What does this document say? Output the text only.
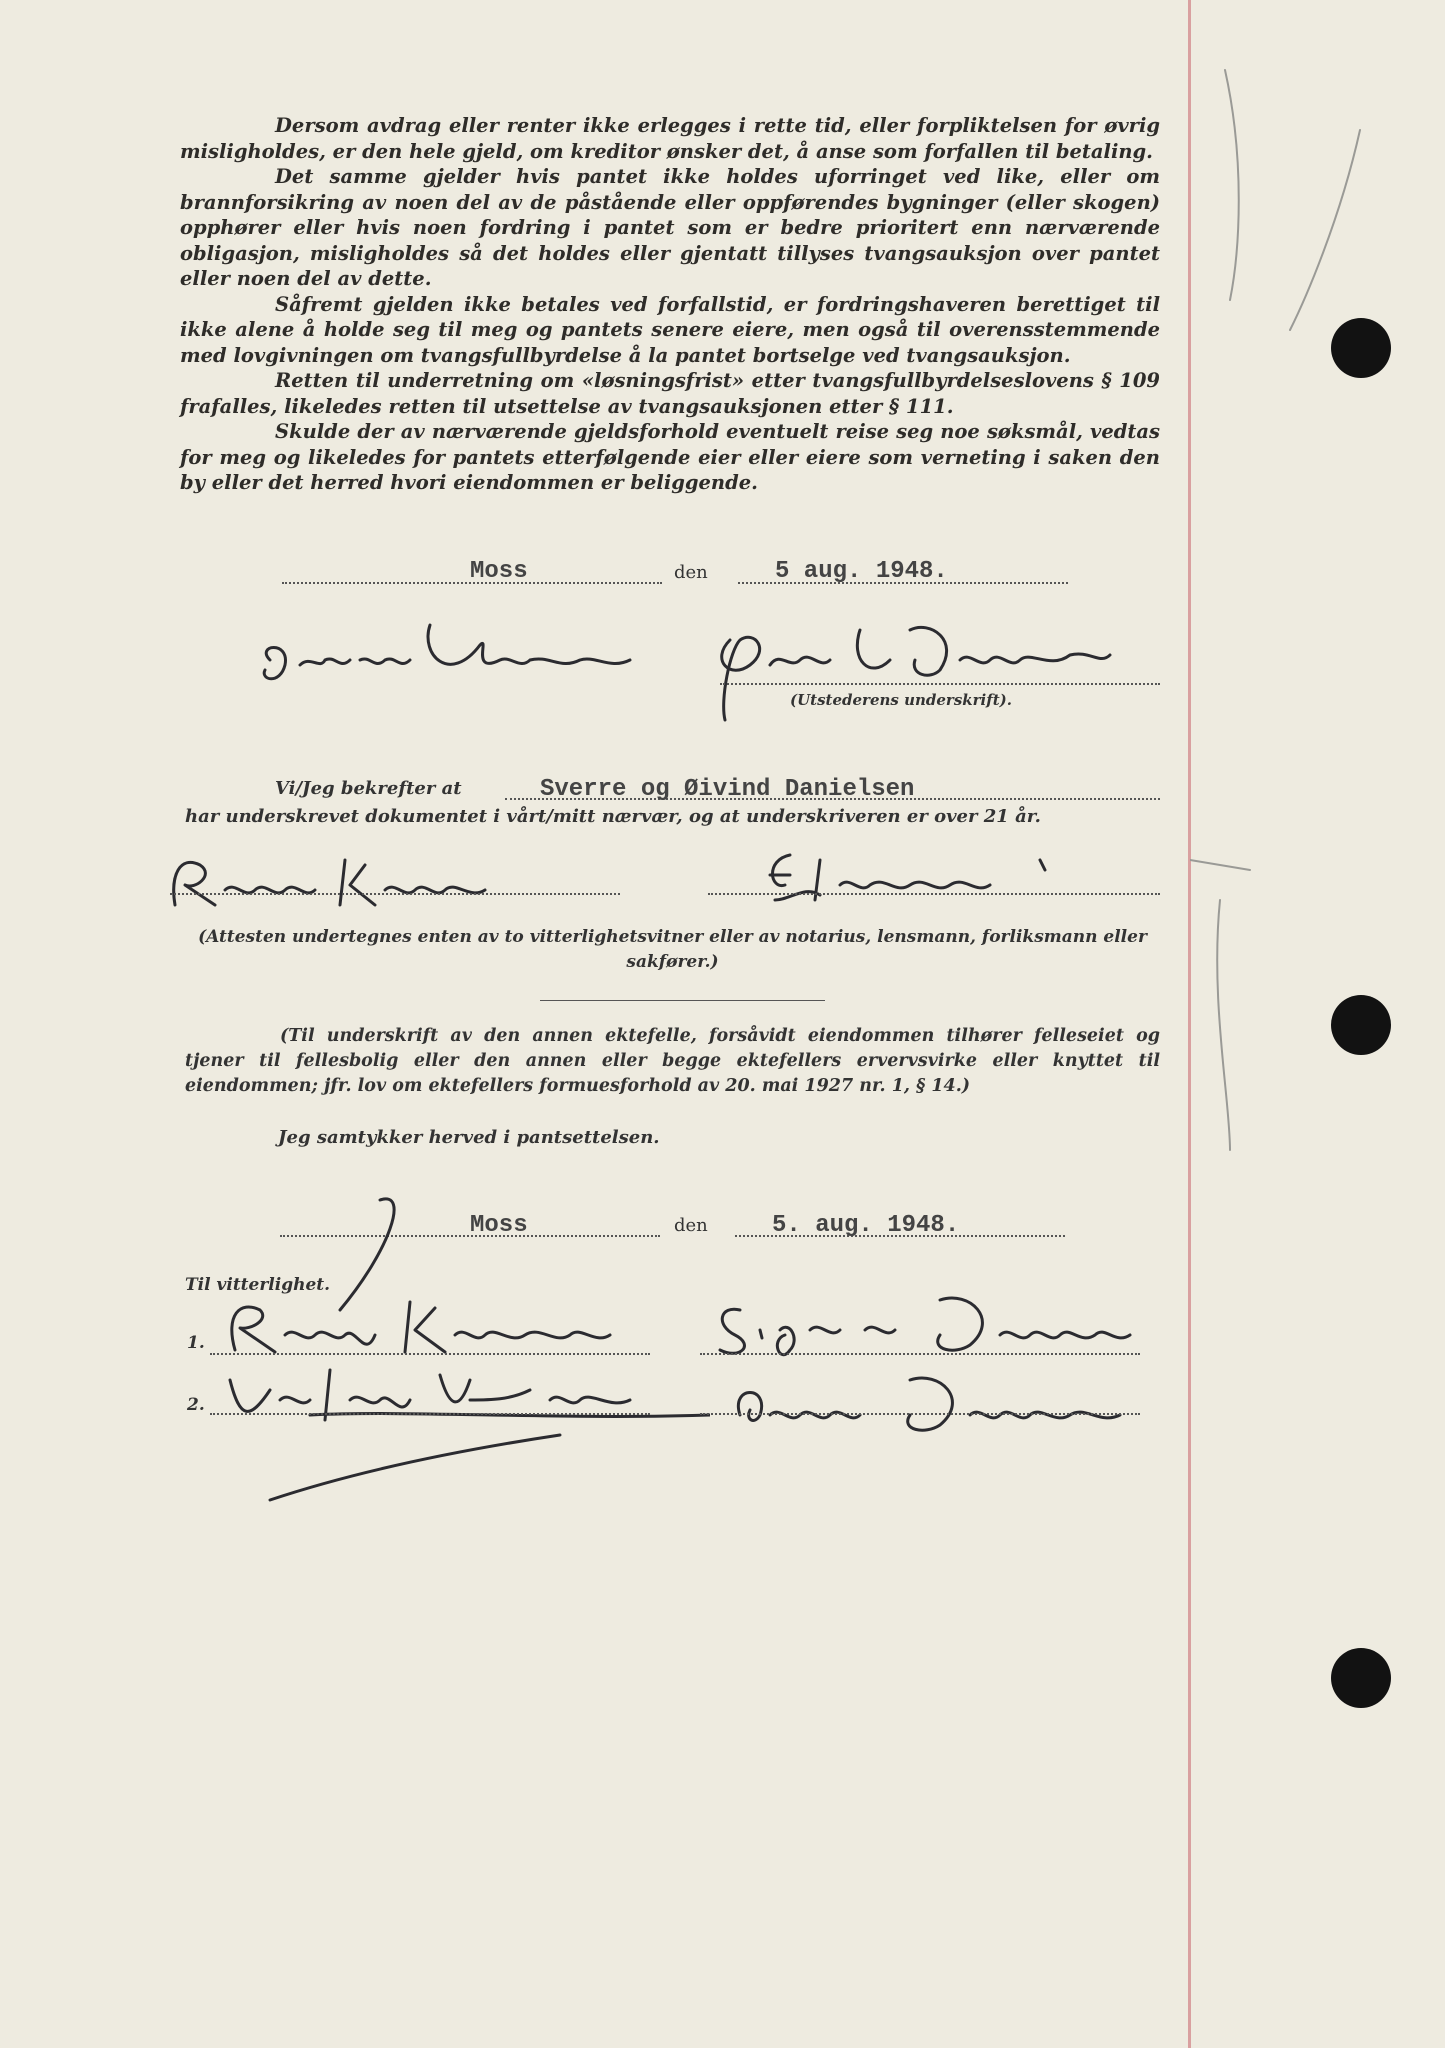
Dersom avdrag eller renter ikke erlegges i rette tid, eller forpliktelsen for øvrig misligholdes, er den hele gjeld, om kreditor ønsker det, å anse som forfallen til betaling.

Det samme gjelder hvis pantet ikke holdes uforringet ved like, eller om brannforsikring av noen del av de påstående eller oppførendes bygninger (eller skogen) opphører eller hvis noen fordring i pantet som er bedre prioritert enn nærværende obligasjon, misligholdes så det holdes eller gjentatt tillyses tvangsauksjon over pantet eller noen del av dette.

Såfremt gjelden ikke betales ved forfallstid, er fordringshaveren berettiget til ikke alene å holde seg til meg og pantets senere eiere, men også til overensstemmende med lovgivningen om tvangsfullbyrdelse å la pantet bortselge ved tvangsauksjon.

Retten til underretning om «løsningsfrist» etter tvangsfullbyrdelseslovens § 109 frafalles, likeledes retten til utsettelse av tvangsauksjonen etter § 111.

Skulde der av nærværende gjeldsforhold eventuelt reise seg noe søksmål, vedtas for meg og likeledes for pantets etterfølgende eier eller eiere som verneting i saken den by eller det herred hvori eiendommen er beliggende.

Moss	den	5 aug. 1948.
(Utstederens underskrift).
Vi/Jeg bekrefter at	Sverre og Øivind Danielsen
har underskrevet dokumentet i vårt/mitt nærvær, og at underskriveren er over 21 år.
(Attesten undertegnes enten av to vitterlighetsvitner eller av notarius, lensmann, forliksmann eller sakfører.)
(Til underskrift av den annen ektefelle, forsåvidt eiendommen tilhører felleseiet og tjener til fellesbolig eller den annen eller begge ektefellers ervervsvirke eller knyttet til eiendommen; jfr. lov om ektefellers formuesforhold av 20. mai 1927 nr. 1, § 14.)
Jeg samtykker herved i pantsettelsen.
Moss	den	5. aug. 1948.
Til vitterlighet.
1.
2.
